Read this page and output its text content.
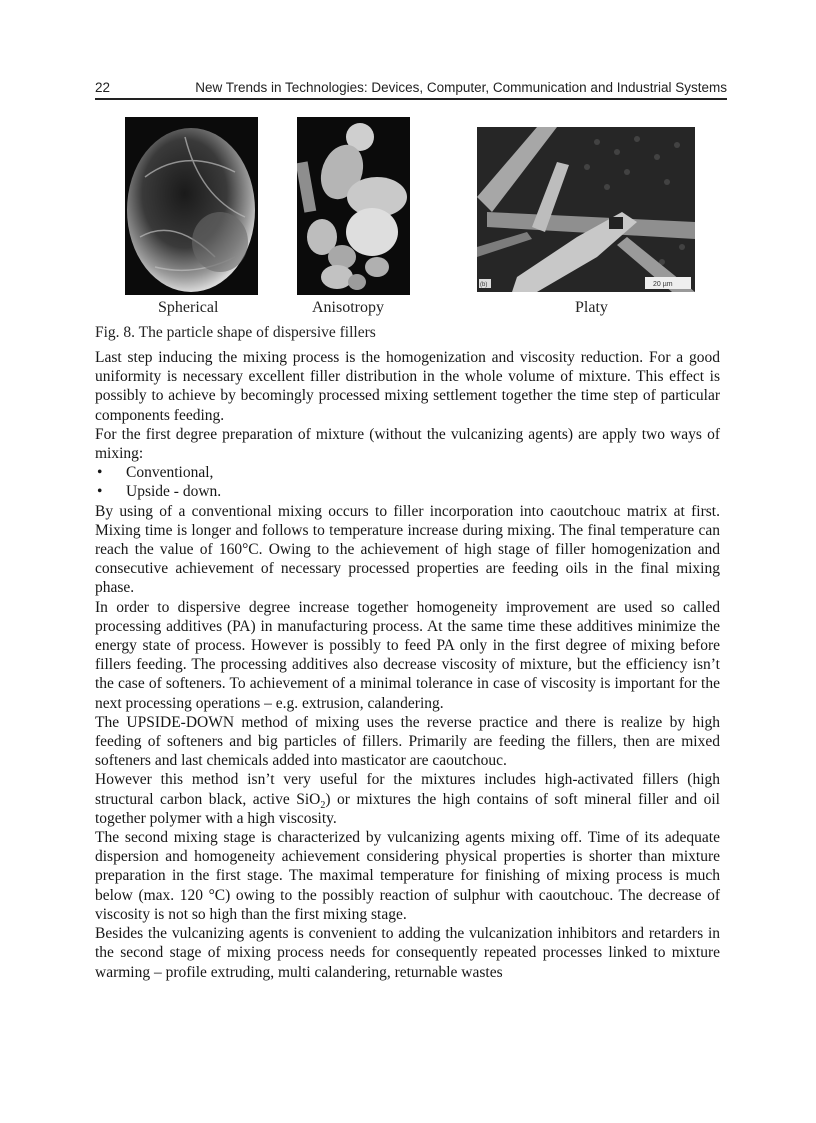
22	New Trends in Technologies: Devices, Computer, Communication and Industrial Systems
20 µm
(b)
Spherical	Anisotropy	Platy
Fig. 8. The particle shape of dispersive fillers

Last step inducing the mixing process is the homogenization and viscosity reduction. For a good uniformity is necessary excellent filler distribution in the whole volume of mixture. This effect is possibly to achieve by becomingly processed mixing settlement together the time step of particular components feeding.

For the first degree preparation of mixture (without the vulcanizing agents) are apply two ways of mixing:

• Conventional,
• Upside - down.

By using of a conventional mixing occurs to filler incorporation into caoutchouc matrix at first. Mixing time is longer and follows to temperature increase during mixing. The final temperature can reach the value of 160°C. Owing to the achievement of high stage of filler homogenization and consecutive achievement of necessary processed properties are feeding oils in the final mixing phase.

In order to dispersive degree increase together homogeneity improvement are used so called processing additives (PA) in manufacturing process. At the same time these additives minimize the energy state of process. However is possibly to feed PA only in the first degree of mixing before fillers feeding. The processing additives also decrease viscosity of mixture, but the efficiency isn’t the case of softeners. To achievement of a minimal tolerance in case of viscosity is important for the next processing operations – e.g. extrusion, calandering.

The UPSIDE-DOWN method of mixing uses the reverse practice and there is realize by high feeding of softeners and big particles of fillers. Primarily are feeding the fillers, then are mixed softeners and last chemicals added into masticator are caoutchouc.

However this method isn’t very useful for the mixtures includes high-activated fillers (high structural carbon black, active SiO$_2$) or mixtures the high contains of soft mineral filler and oil together polymer with a high viscosity.

The second mixing stage is characterized by vulcanizing agents mixing off. Time of its adequate dispersion and homogeneity achievement considering physical properties is shorter than mixture preparation in the first stage. The maximal temperature for finishing of mixing process is much below (max. 120 °C) owing to the possibly reaction of sulphur with caoutchouc. The decrease of viscosity is not so high than the first mixing stage.

Besides the vulcanizing agents is convenient to adding the vulcanization inhibitors and retarders in the second stage of mixing process needs for consequently repeated processes linked to mixture warming – profile extruding, multi calandering, returnable wastes
